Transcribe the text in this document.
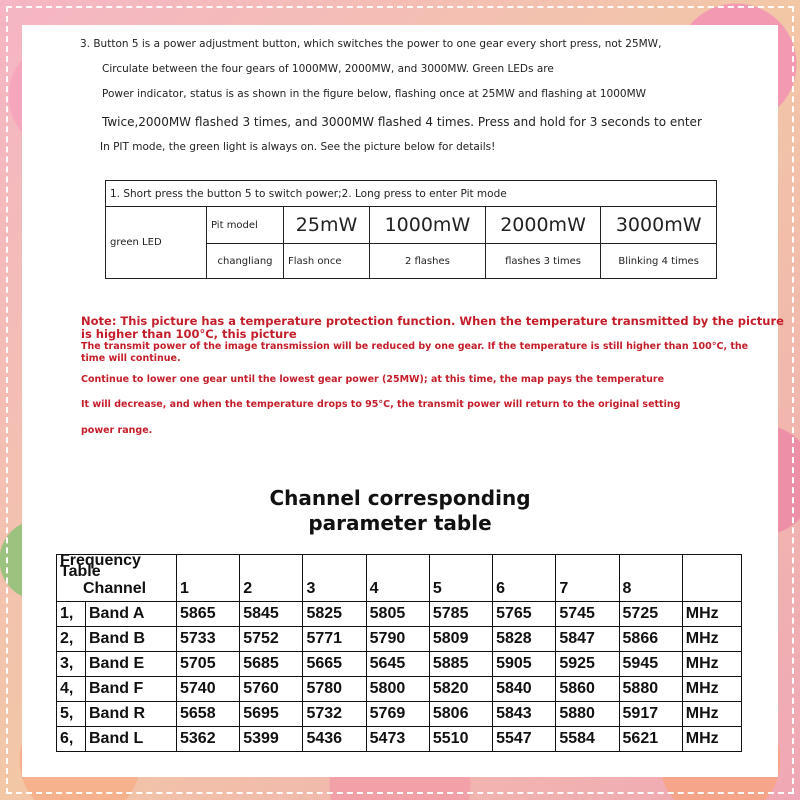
3. Button 5 is a power adjustment button, which switches the power to one gear every short press, not 25MW,
Circulate between the four gears of 1000MW, 2000MW, and 3000MW. Green LEDs are
Power indicator, status is as shown in the figure below, flashing once at 25MW and flashing at 1000MW
Twice,2000MW flashed 3 times, and 3000MW flashed 4 times. Press and hold for 3 seconds to enter
In PIT mode, the green light is always on. See the picture below for details!
1. Short press the button 5 to switch power;2. Long press to enter Pit mode					
green LED	Pit model	25mW	1000mW	2000mW	3000mW
	changliang	Flash once	2 flashes	flashes 3 times	Blinking 4 times
Note: This picture has a temperature protection function. When the temperature transmitted by the picture
is higher than 100°C, this picture
The transmit power of the image transmission will be reduced by one gear. If the temperature is still higher than 100°C, the
time will continue.
Continue to lower one gear until the lowest gear power (25MW); at this time, the map pays the temperature
It will decrease, and when the temperature drops to 95°C, the transmit power will return to the original setting
power range.
Channel corresponding
parameter table
Frequency Table										
Channel		1	2	3	4	5	6	7	8	
1,	Band A	5865	5845	5825	5805	5785	5765	5745	5725	MHz
2,	Band B	5733	5752	5771	5790	5809	5828	5847	5866	MHz
3,	Band E	5705	5685	5665	5645	5885	5905	5925	5945	MHz
4,	Band F	5740	5760	5780	5800	5820	5840	5860	5880	MHz
5,	Band R	5658	5695	5732	5769	5806	5843	5880	5917	MHz
6,	Band L	5362	5399	5436	5473	5510	5547	5584	5621	MHz
